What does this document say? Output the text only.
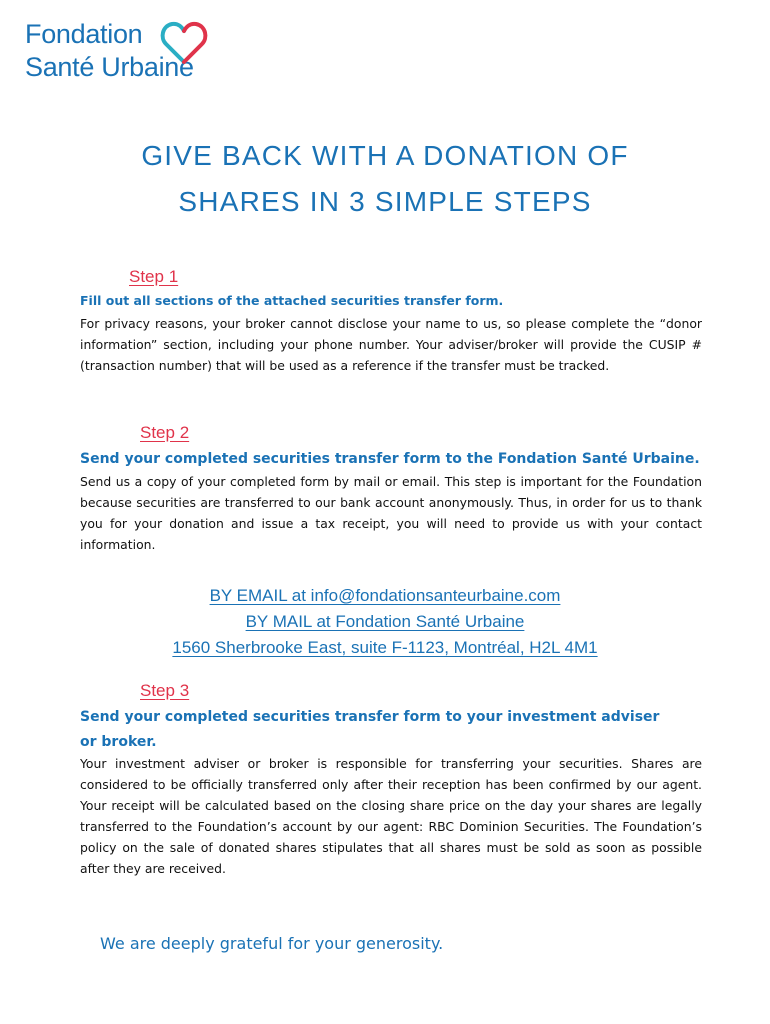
Fondation
Santé Urbaine
GIVE BACK WITH A DONATION OF
SHARES IN 3 SIMPLE STEPS
Step 1
Fill out all sections of the attached securities transfer form.
For privacy reasons, your broker cannot disclose your name to us, so please complete the “donor information” section, including your phone number. Your adviser/broker will provide the CUSIP # (transaction number) that will be used as a reference if the transfer must be tracked.
Step 2
Send your completed securities transfer form to the Fondation Santé Urbaine.
Send us a copy of your completed form by mail or email. This step is important for the Foundation because securities are transferred to our bank account anonymously. Thus, in order for us to thank you for your donation and issue a tax receipt, you will need to provide us with your contact information.
BY EMAIL at info@fondationsanteurbaine.com
BY MAIL at Fondation Santé Urbaine
1560 Sherbrooke East, suite F-1123, Montréal, H2L 4M1
Step 3
Send your completed securities transfer form to your investment adviser or broker.
Your investment adviser or broker is responsible for transferring your securities. Shares are considered to be officially transferred only after their reception has been confirmed by our agent. Your receipt will be calculated based on the closing share price on the day your shares are legally transferred to the Foundation’s account by our agent: RBC Dominion Securities. The Foundation’s policy on the sale of donated shares stipulates that all shares must be sold as soon as possible after they are received.
We are deeply grateful for your generosity.
